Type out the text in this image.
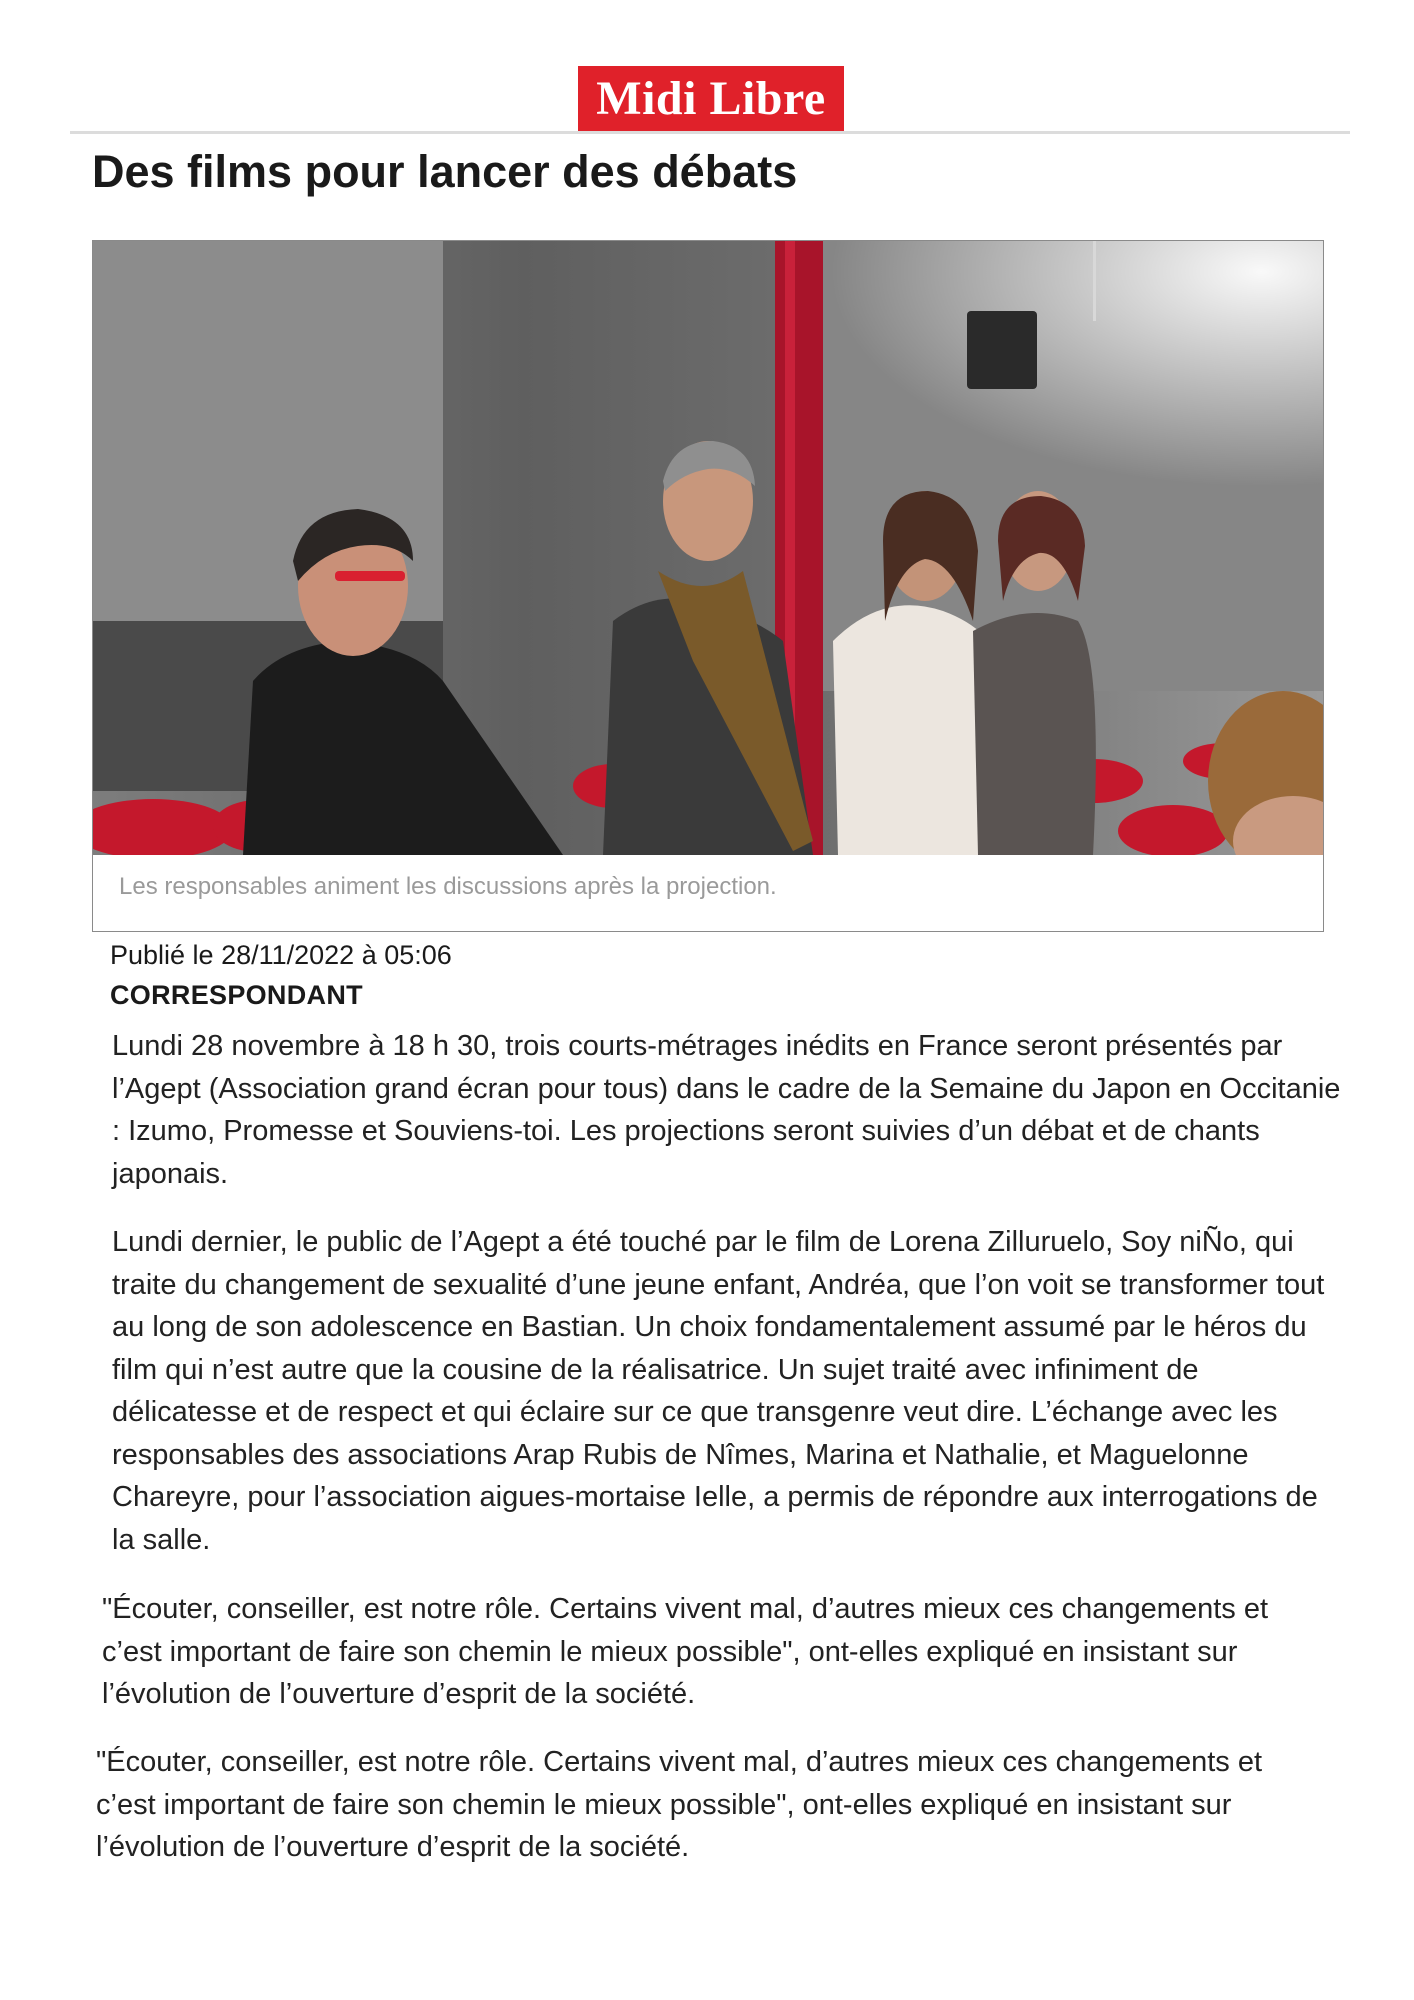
Midi Libre
Des films pour lancer des débats
Les responsables animent les discussions après la projection.
Publié le 28/11/2022 à 05:06
CORRESPONDANT

Lundi 28 novembre à 18 h 30, trois courts-métrages inédits en France seront présentés par l’Agept (Association grand écran pour tous) dans le cadre de la Semaine du Japon en Occitanie : Izumo, Promesse et Souviens-toi. Les projections seront suivies d’un débat et de chants japonais.

Lundi dernier, le public de l’Agept a été touché par le film de Lorena Zilluruelo, Soy niÑo, qui traite du changement de sexualité d’une jeune enfant, Andréa, que l’on voit se transformer tout au long de son adolescence en Bastian. Un choix fondamentalement assumé par le héros du film qui n’est autre que la cousine de la réalisatrice. Un sujet traité avec infiniment de délicatesse et de respect et qui éclaire sur ce que transgenre veut dire. L’échange avec les responsables des associations Arap Rubis de Nîmes, Marina et Nathalie, et Maguelonne Chareyre, pour l’association aigues-mortaise Ielle, a permis de répondre aux interrogations de la salle.

"Écouter, conseiller, est notre rôle. Certains vivent mal, d’autres mieux ces changements et c’est important de faire son chemin le mieux possible", ont-elles expliqué en insistant sur l’évolution de l’ouverture d’esprit de la société.

"Écouter, conseiller, est notre rôle. Certains vivent mal, d’autres mieux ces changements et c’est important de faire son chemin le mieux possible", ont-elles expliqué en insistant sur l’évolution de l’ouverture d’esprit de la société.
